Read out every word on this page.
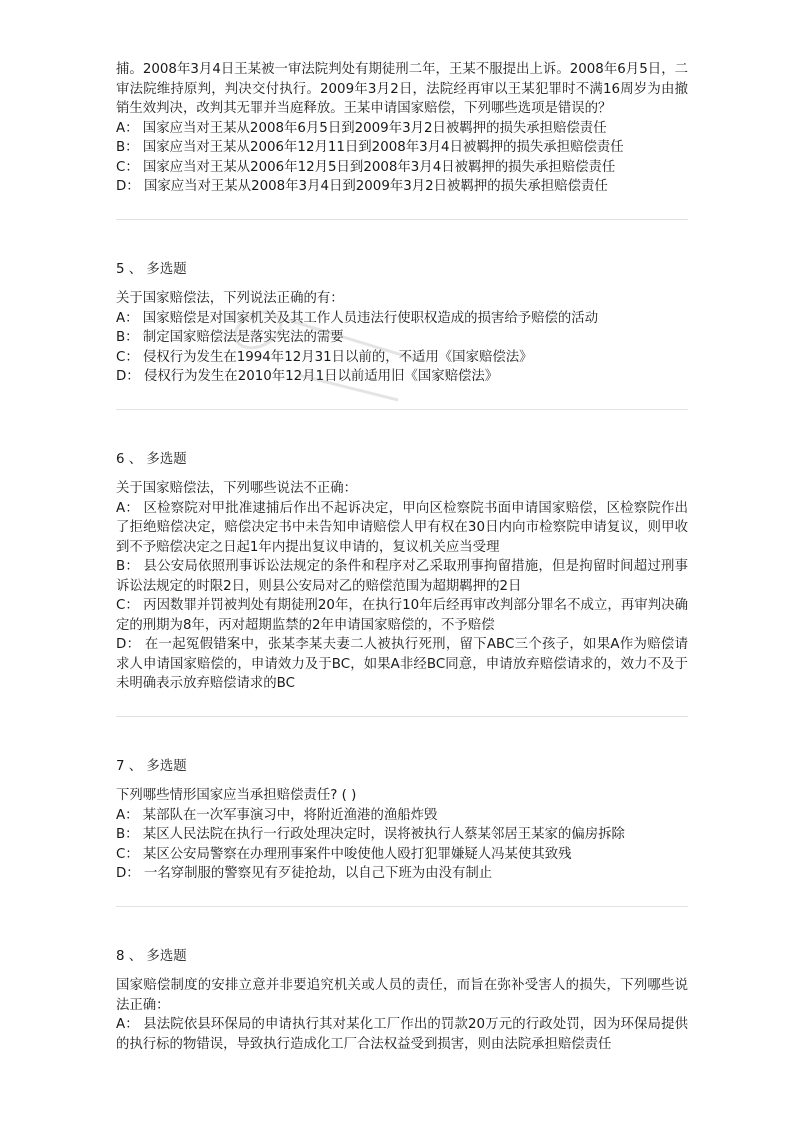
捕。2008年3月4日王某被一审法院判处有期徒刑二年，王某不服提出上诉。2008年6月5日，二审法院维持原判，判决交付执行。2009年3月2日，法院经再审以王某犯罪时不满16周岁为由撤销生效判决，改判其无罪并当庭释放。王某申请国家赔偿，下列哪些选项是错误的？

A： 国家应当对王某从2008年6月5日到2009年3月2日被羁押的损失承担赔偿责任

B： 国家应当对王某从2006年12月11日到2008年3月4日被羁押的损失承担赔偿责任

C： 国家应当对王某从2006年12月5日到2008年3月4日被羁押的损失承担赔偿责任

D： 国家应当对王某从2008年3月4日到2009年3月2日被羁押的损失承担赔偿责任

5 、 多选题

关于国家赔偿法，下列说法正确的有：

A： 国家赔偿是对国家机关及其工作人员违法行使职权造成的损害给予赔偿的活动

B： 制定国家赔偿法是落实宪法的需要

C： 侵权行为发生在1994年12月31日以前的，不适用《国家赔偿法》

D： 侵权行为发生在2010年12月1日以前适用旧《国家赔偿法》

6 、 多选题

关于国家赔偿法，下列哪些说法不正确：

A： 区检察院对甲批准逮捕后作出不起诉决定，甲向区检察院书面申请国家赔偿，区检察院作出了拒绝赔偿决定，赔偿决定书中未告知申请赔偿人甲有权在30日内向市检察院申请复议，则甲收到不予赔偿决定之日起1年内提出复议申请的，复议机关应当受理

B： 县公安局依照刑事诉讼法规定的条件和程序对乙采取刑事拘留措施，但是拘留时间超过刑事诉讼法规定的时限2日，则县公安局对乙的赔偿范围为超期羁押的2日

C： 丙因数罪并罚被判处有期徒刑20年，在执行10年后经再审改判部分罪名不成立，再审判决确定的刑期为8年，丙对超期监禁的2年申请国家赔偿的，不予赔偿

D： 在一起冤假错案中，张某李某夫妻二人被执行死刑，留下ABC三个孩子，如果A作为赔偿请求人申请国家赔偿的，申请效力及于BC，如果A非经BC同意，申请放弃赔偿请求的，效力不及于未明确表示放弃赔偿请求的BC

7 、 多选题

下列哪些情形国家应当承担赔偿责任? ( )

A： 某部队在一次军事演习中，将附近渔港的渔船炸毁

B： 某区人民法院在执行一行政处理决定时，误将被执行人蔡某邻居王某家的偏房拆除

C： 某区公安局警察在办理刑事案件中唆使他人殴打犯罪嫌疑人冯某使其致残

D： 一名穿制服的警察见有歹徒抢劫，以自己下班为由没有制止

8 、 多选题

国家赔偿制度的安排立意并非要追究机关或人员的责任，而旨在弥补受害人的损失，下列哪些说法正确：

A： 县法院依县环保局的申请执行其对某化工厂作出的罚款20万元的行政处罚，因为环保局提供的执行标的物错误，导致执行造成化工厂合法权益受到损害，则由法院承担赔偿责任
